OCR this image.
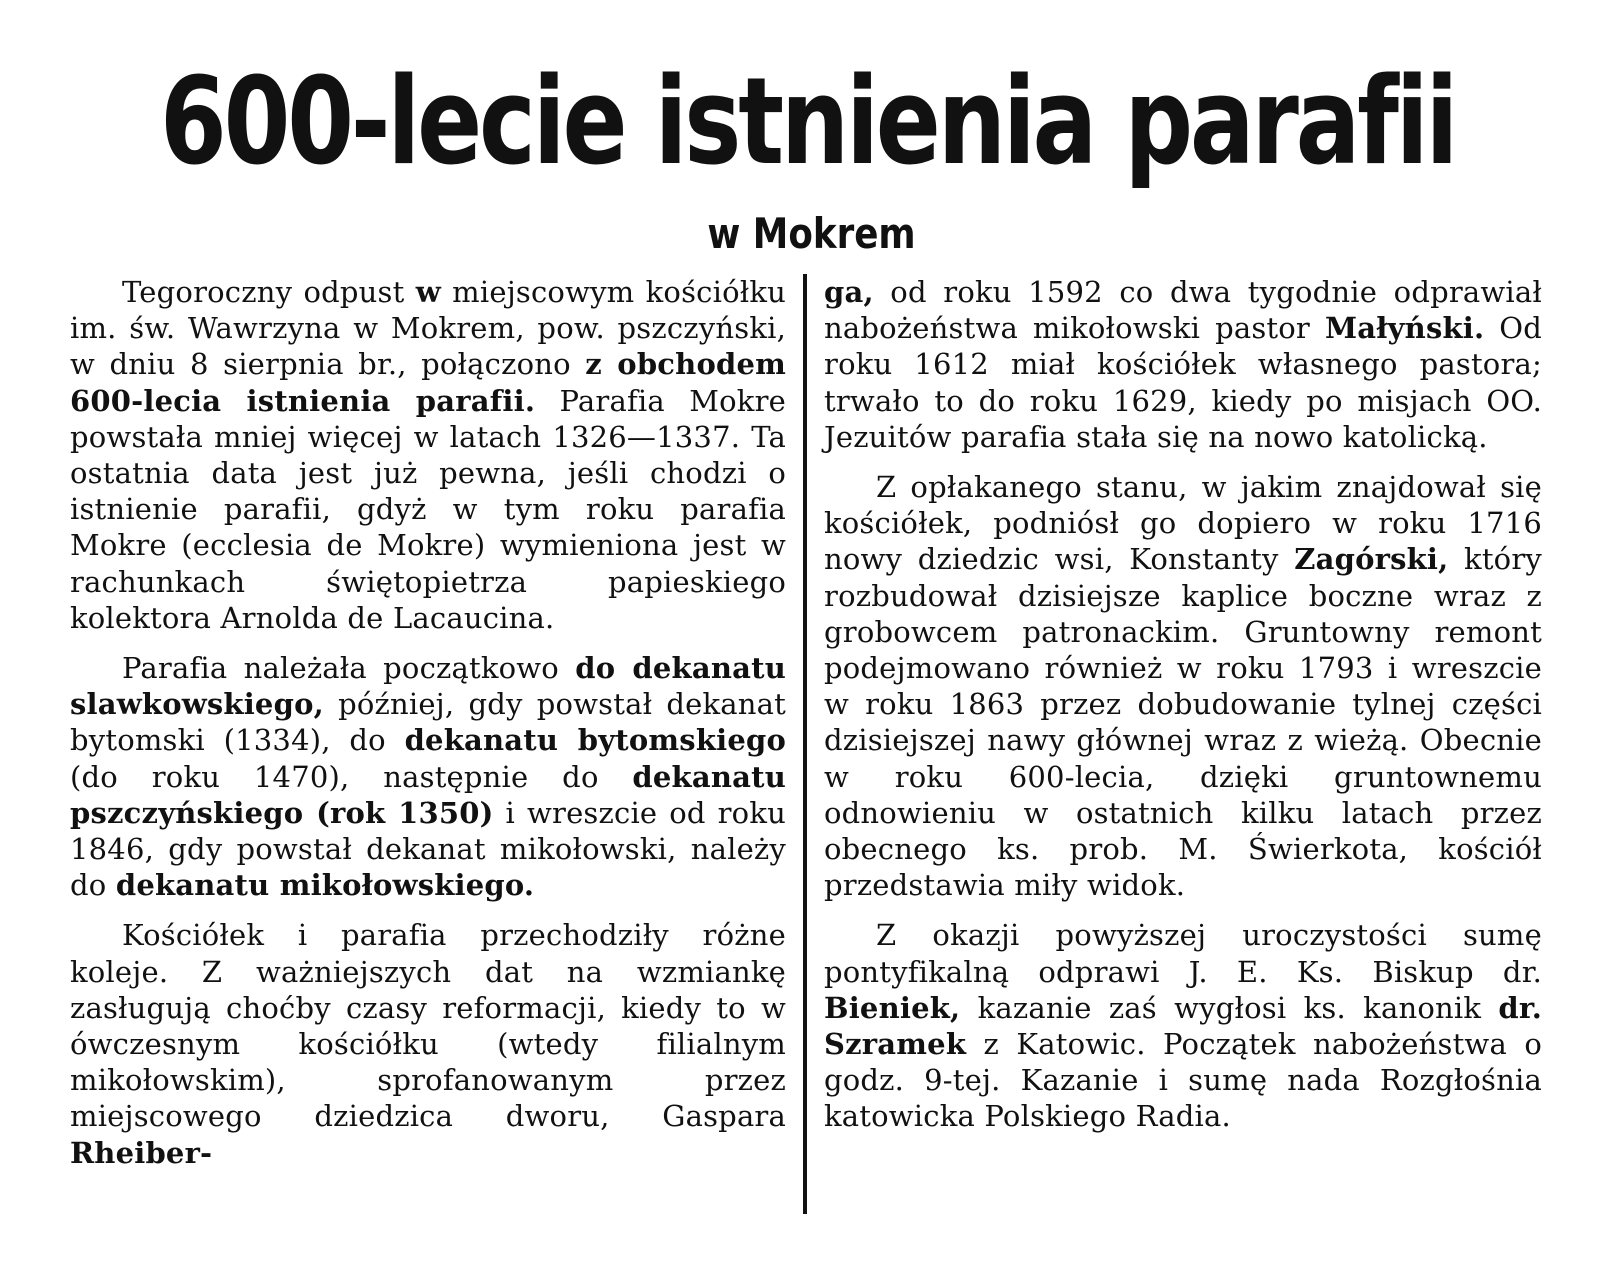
600-lecie istnienia parafii
w Mokrem

Tegoroczny odpust w miejscowym kościółku im. św. Wawrzyna w Mokrem, pow. pszczyński, w dniu 8 sierpnia br., połączono z obchodem 600-lecia istnienia parafii. Parafia Mokre powstała mniej więcej w latach 1326—1337. Ta ostatnia data jest już pewna, jeśli chodzi o istnienie parafii, gdyż w tym roku parafia Mokre (ecclesia de Mokre) wymieniona jest w rachunkach świętopietrza papieskiego kolektora Arnolda de Lacaucina.

Parafia należała początkowo do dekanatu slawkowskiego, później, gdy powstał dekanat bytomski (1334), do dekanatu bytomskiego (do roku 1470), następnie do dekanatu pszczyńskiego (rok 1350) i wreszcie od roku 1846, gdy powstał dekanat mikołowski, należy do dekanatu mikołowskiego.

Kościółek i parafia przechodziły różne koleje. Z ważniejszych dat na wzmiankę zasługują choćby czasy reformacji, kiedy to w ówczesnym kościółku (wtedy filialnym mikołowskim), sprofanowanym przez miejscowego dziedzica dworu, Gaspara Rheiber-

ga, od roku 1592 co dwa tygodnie odprawiał nabożeństwa mikołowski pastor Małyński. Od roku 1612 miał kościółek własnego pastora; trwało to do roku 1629, kiedy po misjach OO. Jezuitów parafia stała się na nowo katolicką.

Z opłakanego stanu, w jakim znajdował się kościółek, podniósł go dopiero w roku 1716 nowy dziedzic wsi, Konstanty Zagórski, który rozbudował dzisiejsze kaplice boczne wraz z grobowcem patronackim. Gruntowny remont podejmowano również w roku 1793 i wreszcie w roku 1863 przez dobudowanie tylnej części dzisiejszej nawy głównej wraz z wieżą. Obecnie w roku 600-lecia, dzięki gruntownemu odnowieniu w ostatnich kilku latach przez obecnego ks. prob. M. Świerkota, kościół przedstawia miły widok.

Z okazji powyższej uroczystości sumę pontyfikalną odprawi J. E. Ks. Biskup dr. Bieniek, kazanie zaś wygłosi ks. kanonik dr. Szramek z Katowic. Początek nabożeństwa o godz. 9-tej. Kazanie i sumę nada Rozgłośnia katowicka Polskiego Radia.
